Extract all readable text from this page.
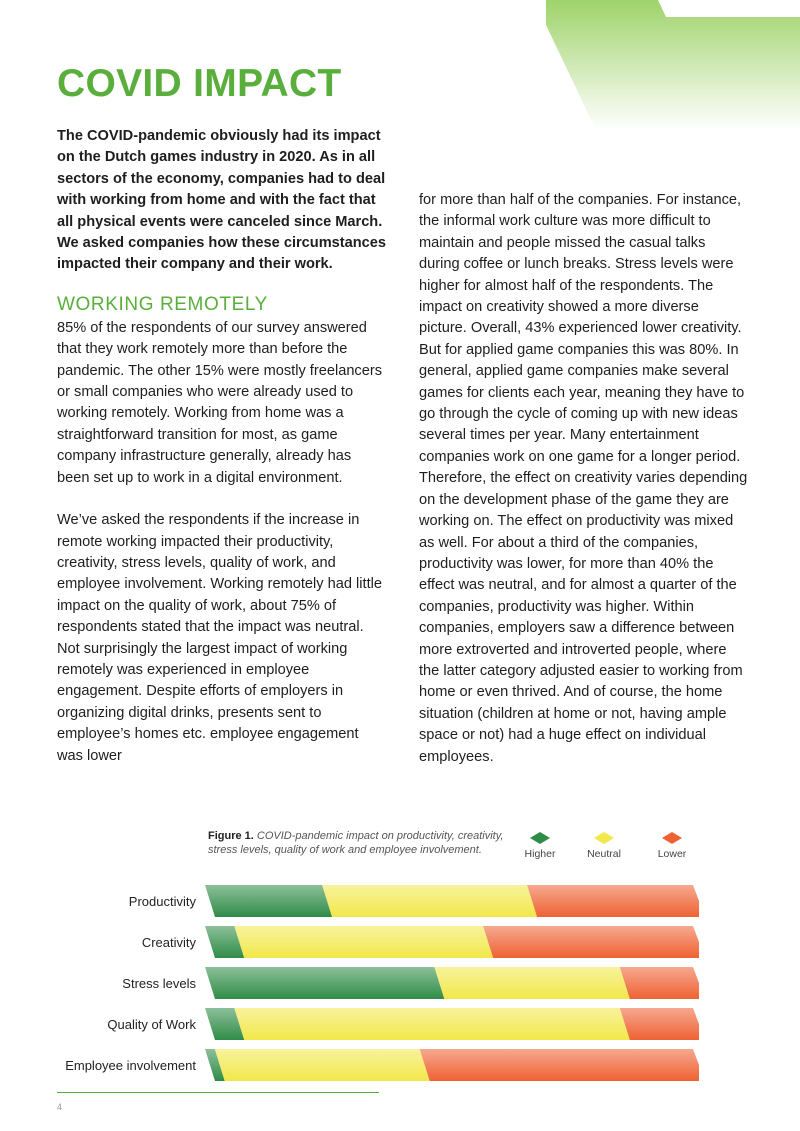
COVID IMPACT

The COVID-pandemic obviously had its impact on the Dutch games industry in 2020. As in all sectors of the economy, companies had to deal with working from home and with the fact that all physical events were canceled since March. We asked companies how these circumstances impacted their company and their work.

WORKING REMOTELY

85% of the respondents of our survey answered that they work remotely more than before the pandemic. The other 15% were mostly freelancers or small companies who were already used to working remotely. Working from home was a straightforward transition for most, as game company infrastructure generally, already has been set up to work in a digital environment.

We’ve asked the respondents if the increase in remote working impacted their productivity, creativity, stress levels, quality of work, and employee involvement. Working remotely had little impact on the quality of work, about 75% of respondents stated that the impact was neutral. Not surprisingly the largest impact of working remotely was experienced in employee engagement. Despite efforts of employers in organizing digital drinks, presents sent to employee’s homes etc. employee engagement was lower

for more than half of the companies. For instance, the informal work culture was more difficult to maintain and people missed the casual talks during coffee or lunch breaks. Stress levels were higher for almost half of the respondents. The impact on creativity showed a more diverse picture. Overall, 43% experienced lower creativity. But for applied game companies this was 80%. In general, applied game companies make several games for clients each year, meaning they have to go through the cycle of coming up with new ideas several times per year. Many entertainment companies work on one game for a longer period. Therefore, the effect on creativity varies depending on the development phase of the game they are working on. The effect on productivity was mixed as well. For about a third of the companies, productivity was lower, for more than 40% the effect was neutral, and for almost a quarter of the companies, productivity was higher. Within companies, employers saw a difference between more extroverted and introverted people, where the latter category adjusted easier to working from home or even thrived. And of course, the home situation (children at home or not, having ample space or not) had a huge effect on individual employees.

Figure 1. COVID-pandemic impact on productivity, creativity, stress levels, quality of work and employee involvement.	Higher	Neutral	Lower
Productivity
Creativity
Stress levels
Quality of Work
Employee involvement
4
